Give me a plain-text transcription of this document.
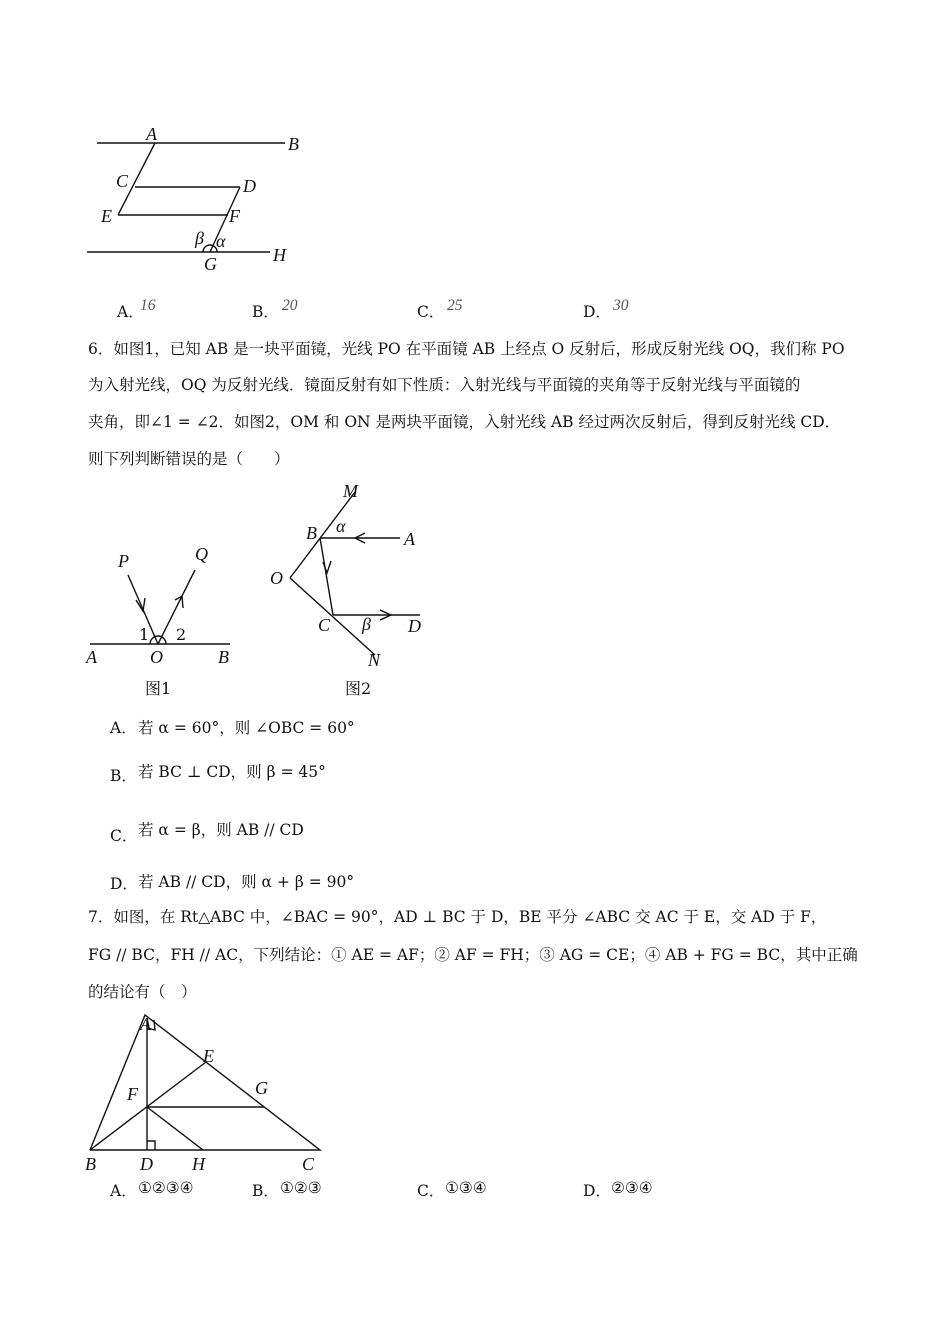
A	B
C	D
E	F
G	H
β α
P	Q
A	O	B
1 2
图1
M
B α
A
O
C β D
N
图2
A
E
F	G
B D H	C
A．
16	B． 20	C． 25	D． 30
6．如图1，已知 AB 是一块平面镜，光线 PO 在平面镜 AB 上经点 O 反射后，形成反射光线 OQ，我们称 PO
为入射光线，OQ 为反射光线．镜面反射有如下性质：入射光线与平面镜的夹角等于反射光线与平面镜的
夹角，即∠1 = ∠2．如图2，OM 和 ON 是两块平面镜，入射光线 AB 经过两次反射后，得到反射光线 CD．
则下列判断错误的是（　　）
A． 若 α = 60°，则 ∠OBC = 60°
B． 若 BC ⊥ CD，则 β = 45°
C． 若 α = β，则 AB // CD
D． 若 AB // CD，则 α + β = 90°
7．如图，在 Rt△ABC 中，∠BAC = 90°，AD ⊥ BC 于 D，BE 平分 ∠ABC 交 AC 于 E，交 AD 于 F，
FG // BC，FH // AC，下列结论：① AE = AF；② AF = FH；③ AG = CE；④ AB + FG = BC，其中正确
的结论有（　）
A． ①②③④	B． ①②③	C． ①③④	D． ②③④
